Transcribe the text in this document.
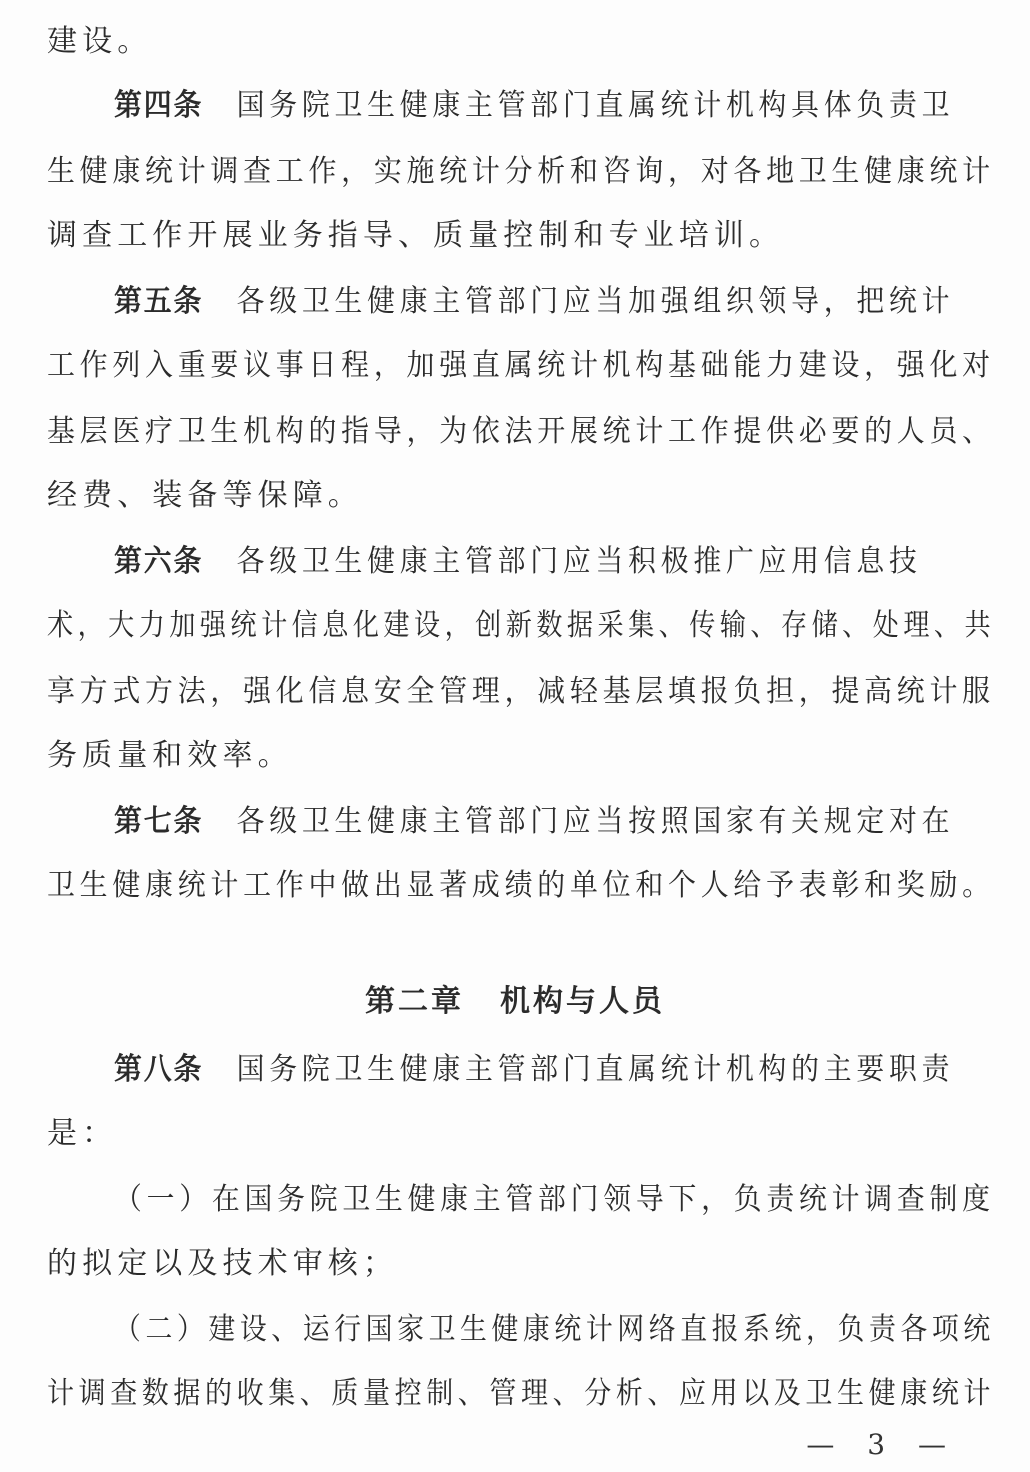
建设。
第四条 国务院卫生健康主管部门直属统计机构具体负责卫
生健康统计调查工作，实施统计分析和咨询，对各地卫生健康统计
调查工作开展业务指导、质量控制和专业培训。
第五条 各级卫生健康主管部门应当加强组织领导，把统计
工作列入重要议事日程，加强直属统计机构基础能力建设，强化对
基层医疗卫生机构的指导，为依法开展统计工作提供必要的人员、
经费、装备等保障。
第六条 各级卫生健康主管部门应当积极推广应用信息技
术，大力加强统计信息化建设，创新数据采集、传输、存储、处理、共
享方式方法，强化信息安全管理，减轻基层填报负担，提高统计服
务质量和效率。
第七条 各级卫生健康主管部门应当按照国家有关规定对在
卫生健康统计工作中做出显著成绩的单位和个人给予表彰和奖励。
第八条 国务院卫生健康主管部门直属统计机构的主要职责
是：
（一）在国务院卫生健康主管部门领导下，负责统计调查制度
的拟定以及技术审核；
（二）建设、运行国家卫生健康统计网络直报系统，负责各项统
计调查数据的收集、质量控制、管理、分析、应用以及卫生健康统计
第二章 机构与人员
— 3 —
